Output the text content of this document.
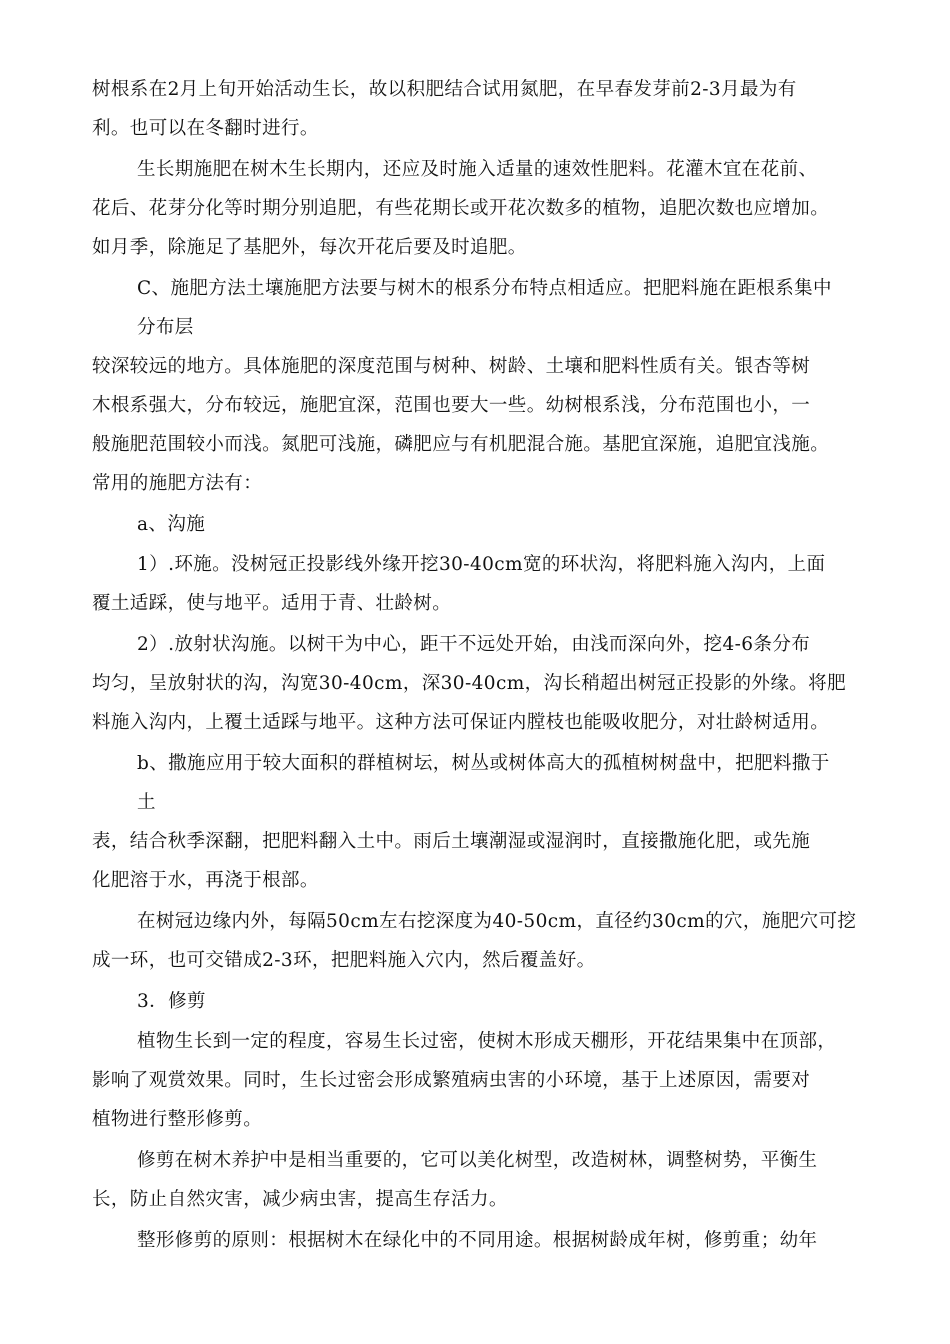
树根系在2月上旬开始活动生长，故以积肥结合试用氮肥，在早春发芽前2-3月最为有
利。也可以在冬翻时进行。
生长期施肥在树木生长期内，还应及时施入适量的速效性肥料。花灌木宜在花前、
花后、花芽分化等时期分别追肥，有些花期长或开花次数多的植物，追肥次数也应增加。
如月季，除施足了基肥外，每次开花后要及时追肥。
C、施肥方法土壤施肥方法要与树木的根系分布特点相适应。把肥料施在距根系集中
分布层
较深较远的地方。具体施肥的深度范围与树种、树龄、土壤和肥料性质有关。银杏等树
木根系强大，分布较远，施肥宜深，范围也要大一些。幼树根系浅，分布范围也小，一
般施肥范围较小而浅。氮肥可浅施，磷肥应与有机肥混合施。基肥宜深施，追肥宜浅施。
常用的施肥方法有：
a、沟施
1）.环施。没树冠正投影线外缘开挖30-40cm宽的环状沟，将肥料施入沟内，上面
覆土适踩，使与地平。适用于青、壮龄树。
2）.放射状沟施。以树干为中心，距干不远处开始，由浅而深向外，挖4-6条分布
均匀，呈放射状的沟，沟宽30-40cm，深30-40cm，沟长稍超出树冠正投影的外缘。将肥
料施入沟内，上覆土适踩与地平。这种方法可保证内膛枝也能吸收肥分，对壮龄树适用。
b、撒施应用于较大面积的群植树坛，树丛或树体高大的孤植树树盘中，把肥料撒于
土
表，结合秋季深翻，把肥料翻入土中。雨后土壤潮湿或湿润时，直接撒施化肥，或先施
化肥溶于水，再浇于根部。
在树冠边缘内外，每隔50cm左右挖深度为40-50cm，直径约30cm的穴，施肥穴可挖
成一环，也可交错成2-3环，把肥料施入穴内，然后覆盖好。
3．修剪
植物生长到一定的程度，容易生长过密，使树木形成天棚形，开花结果集中在顶部，
影响了观赏效果。同时，生长过密会形成繁殖病虫害的小环境，基于上述原因，需要对
植物进行整形修剪。
修剪在树木养护中是相当重要的，它可以美化树型，改造树林，调整树势，平衡生
长，防止自然灾害，减少病虫害，提高生存活力。
整形修剪的原则：根据树木在绿化中的不同用途。根据树龄成年树，修剪重；幼年
